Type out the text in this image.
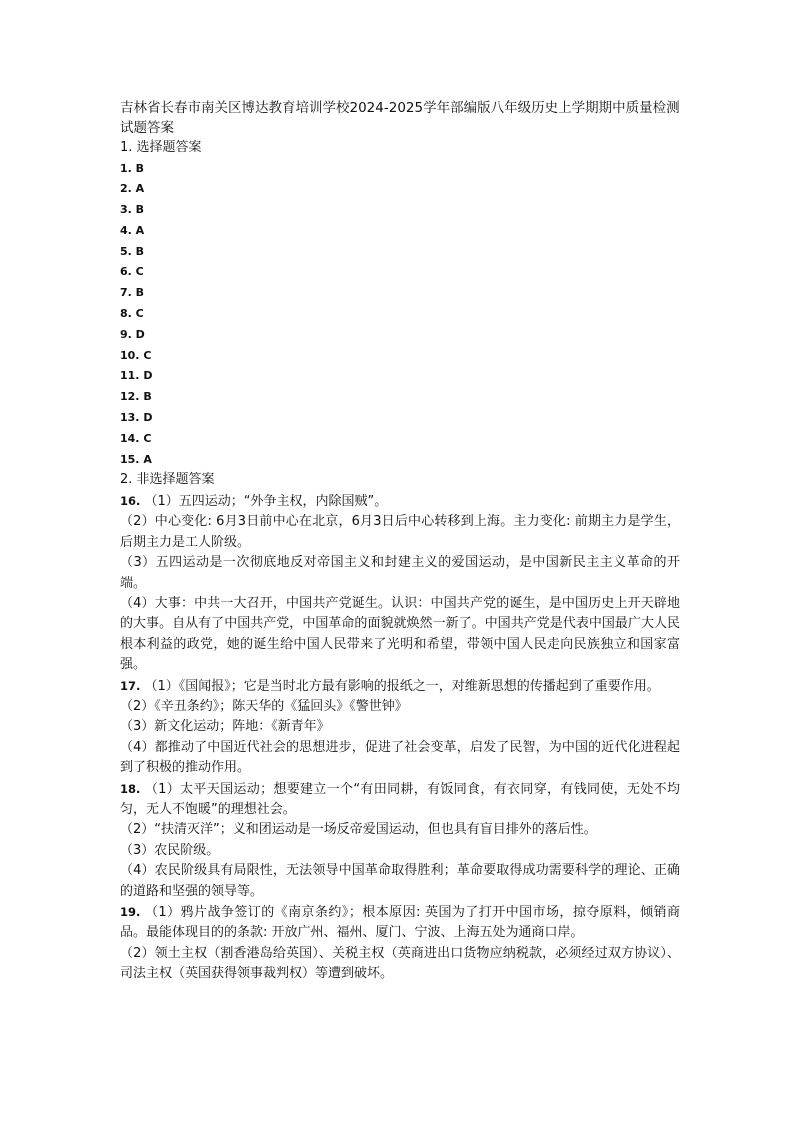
吉林省长春市南关区博达教育培训学校2024-2025学年部编版八年级历史上学期期中质量检测试题答案

1. 选择题答案

1. B
2. A
3. B
4. A
5. B
6. C
7. B
8. C
9. D
10. C
11. D
12. B
13. D
14. C
15. A

2. 非选择题答案

16. （1）五四运动；“外争主权，内除国贼”。

（2）中心变化: 6月3日前中心在北京，6月3日后中心转移到上海。主力变化: 前期主力是学生，后期主力是工人阶级。

（3）五四运动是一次彻底地反对帝国主义和封建主义的爱国运动，是中国新民主主义革命的开端。

（4）大事：中共一大召开，中国共产党诞生。认识：中国共产党的诞生，是中国历史上开天辟地的大事。自从有了中国共产党，中国革命的面貌就焕然一新了。中国共产党是代表中国最广大人民根本利益的政党，她的诞生给中国人民带来了光明和希望，带领中国人民走向民族独立和国家富强。

17. （1）《国闻报》；它是当时北方最有影响的报纸之一，对维新思想的传播起到了重要作用。

（2）《辛丑条约》；陈天华的《猛回头》《警世钟》

（3）新文化运动；阵地：《新青年》

（4）都推动了中国近代社会的思想进步，促进了社会变革，启发了民智，为中国的近代化进程起到了积极的推动作用。

18. （1）太平天国运动；想要建立一个“有田同耕，有饭同食，有衣同穿，有钱同使，无处不均匀，无人不饱暖”的理想社会。

（2）“扶清灭洋”；义和团运动是一场反帝爱国运动，但也具有盲目排外的落后性。

（3）农民阶级。

（4）农民阶级具有局限性，无法领导中国革命取得胜利；革命要取得成功需要科学的理论、正确的道路和坚强的领导等。

19. （1）鸦片战争签订的《南京条约》；根本原因: 英国为了打开中国市场，掠夺原料，倾销商品。最能体现目的的条款: 开放广州、福州、厦门、宁波、上海五处为通商口岸。

（2）领土主权（割香港岛给英国）、关税主权（英商进出口货物应纳税款，必须经过双方协议）、司法主权（英国获得领事裁判权）等遭到破坏。
